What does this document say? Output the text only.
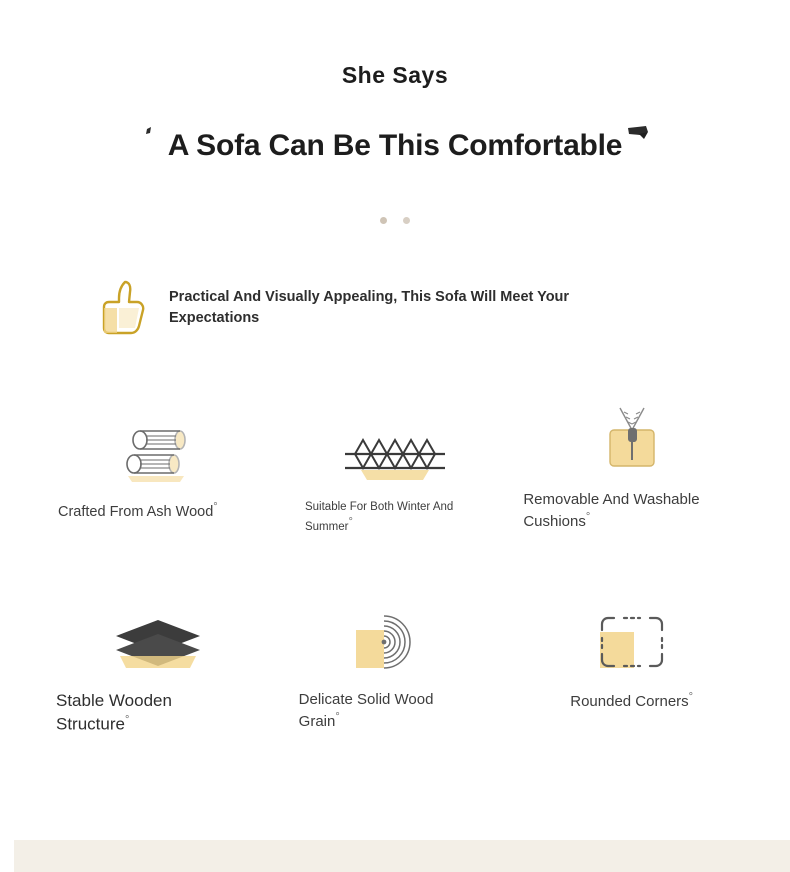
She Says
A Sofa Can Be This Comfortable

Practical And Visually Appealing, This Sofa Will Meet Your Expectations
Crafted From Ash Wood°	Suitable For Both Winter And Summer°
Removable And Washable Cushions°
Stable Wooden Structure°
Delicate Solid Wood Grain°
Rounded Corners°
